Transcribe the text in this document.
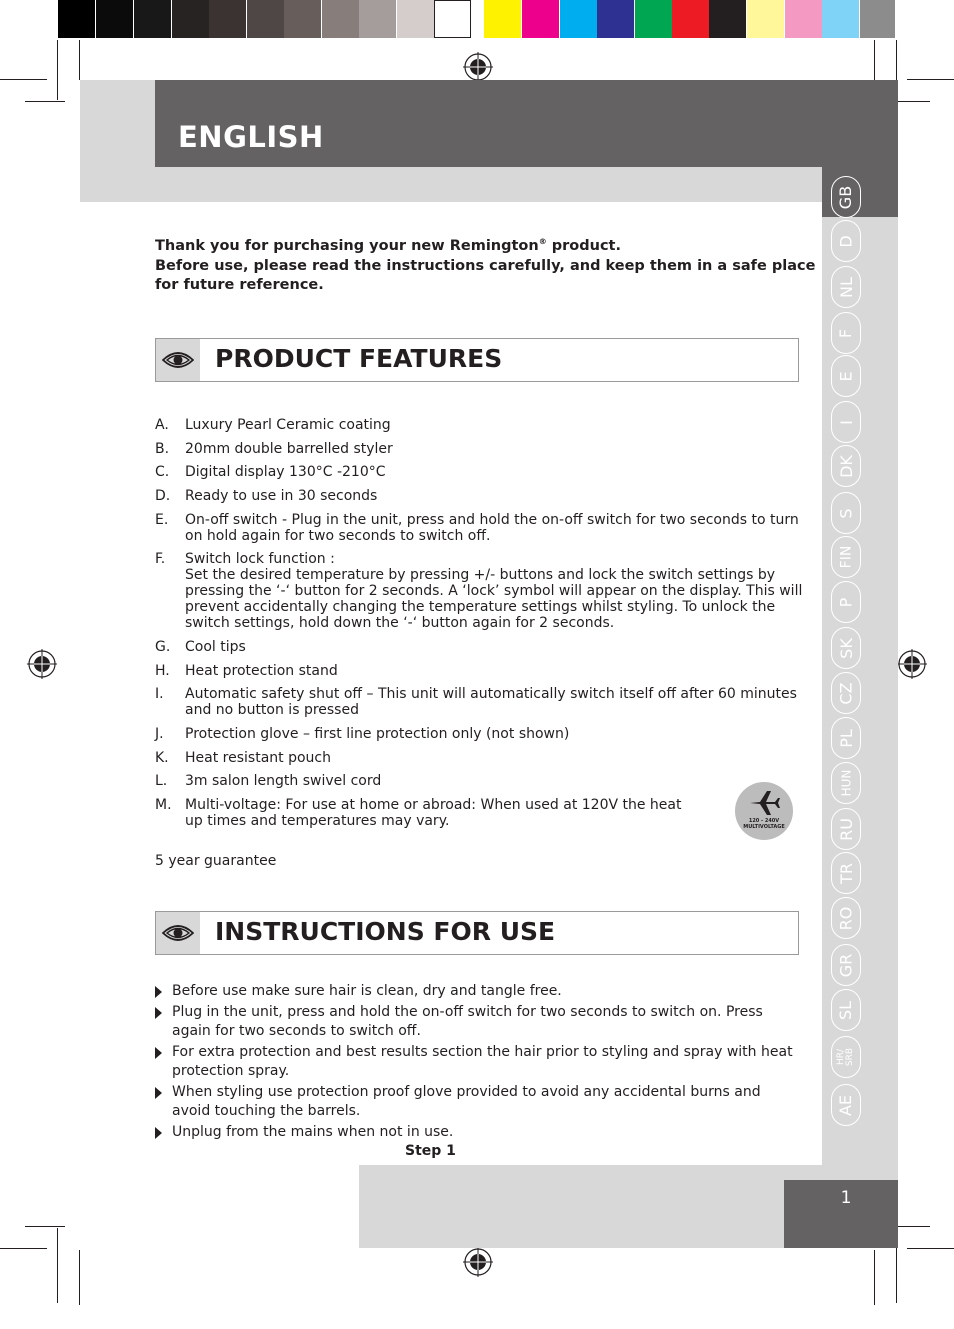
ENGLISH
GB
D
NL
F
E
I
DK
S
FIN
P
SK
CZ
PL
HUN
RU
TR
RO
GR
SL
HR/
SRB
AE
Thank you for purchasing your new Remington® product.
Before use, please read the instructions carefully, and keep them in a safe place
for future reference.
PRODUCT FEATURES
A. Luxury Pearl Ceramic coating
B. 20mm double barrelled styler
C. Digital display 130°C -210°C
D. Ready to use in 30 seconds
E. On-off switch - Plug in the unit, press and hold the on-off switch for two seconds to turn on hold again for two seconds to switch off.
F. Switch lock function :
Set the desired temperature by pressing +/- buttons and lock the switch settings by pressing the ‘-‘ button for 2 seconds. A ‘lock’ symbol will appear on the display. This will prevent accidentally changing the temperature settings whilst styling. To unlock the switch settings, hold down the ‘-‘ button again for 2 seconds.
G. Cool tips
H. Heat protection stand
I. Automatic safety shut off – This unit will automatically switch itself off after 60 minutes and no button is pressed
J. Protection glove – first line protection only (not shown)
K. Heat resistant pouch
L. 3m salon length swivel cord
M. Multi-voltage: For use at home or abroad: When used at 120V the heat up times and temperatures may vary.	120 - 240V
MULTIVOLTAGE
5 year guarantee
INSTRUCTIONS FOR USE
Before use make sure hair is clean, dry and tangle free.
Plug in the unit, press and hold the on-off switch for two seconds to switch on. Press again for two seconds to switch off.
For extra protection and best results section the hair prior to styling and spray with heat protection spray.
When styling use protection proof glove provided to avoid any accidental burns and avoid touching the barrels.
Unplug from the mains when not in use.
Step 1
1
